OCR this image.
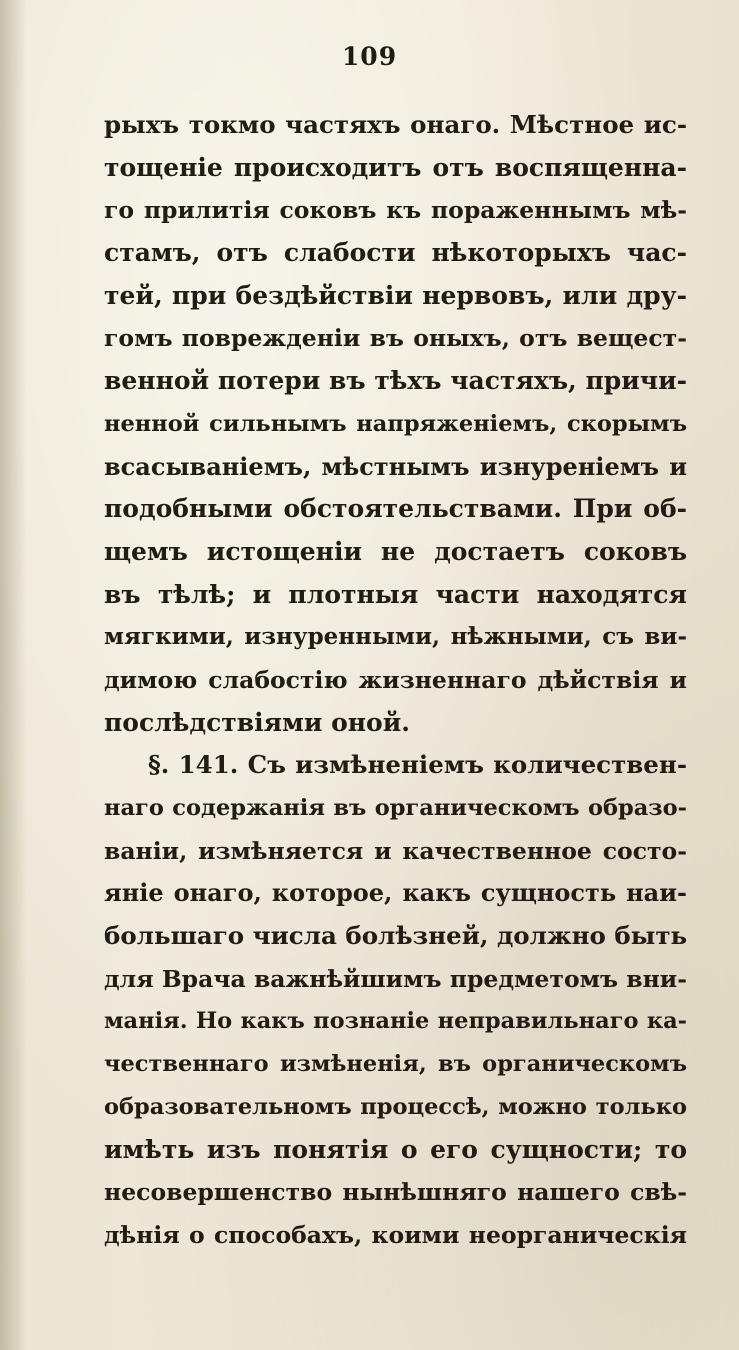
109
рыхъ токмо частяхъ онаго. Мѣстное ис-
тощеніе происходитъ отъ воспященна-
го прилитія соковъ къ пораженнымъ мѣ-
стамъ, отъ слабости нѣкоторыхъ час-
тей, при бездѣйствіи нервовъ, или дру-
гомъ поврежденіи въ оныхъ, отъ вещест-
венной потери въ тѣхъ частяхъ, причи-
ненной сильнымъ напряженіемъ, скорымъ
всасываніемъ, мѣстнымъ изнуреніемъ и
подобными обстоятельствами. При об-
щемъ истощеніи не достаетъ соковъ
въ тѣлѣ; и плотныя части находятся
мягкими, изнуренными, нѣжными, съ ви-
димою слабостію жизненнаго дѣйствія и
послѣдствіями оной.
§. 141. Съ измѣненіемъ количествен-
наго содержанія въ органическомъ образо-
ваніи, измѣняется и качественное состо-
яніе онаго, которое, какъ сущность наи-
большаго числа болѣзней, должно быть
для Врача важнѣйшимъ предметомъ вни-
манія. Но какъ познаніе неправильнаго ка-
чественнаго измѣненія, въ органическомъ
образовательномъ процессѣ, можно только
имѣть изъ понятія о его сущности; то
несовершенство нынѣшняго нашего свѣ-
дѣнія о способахъ, коими неорганическія
